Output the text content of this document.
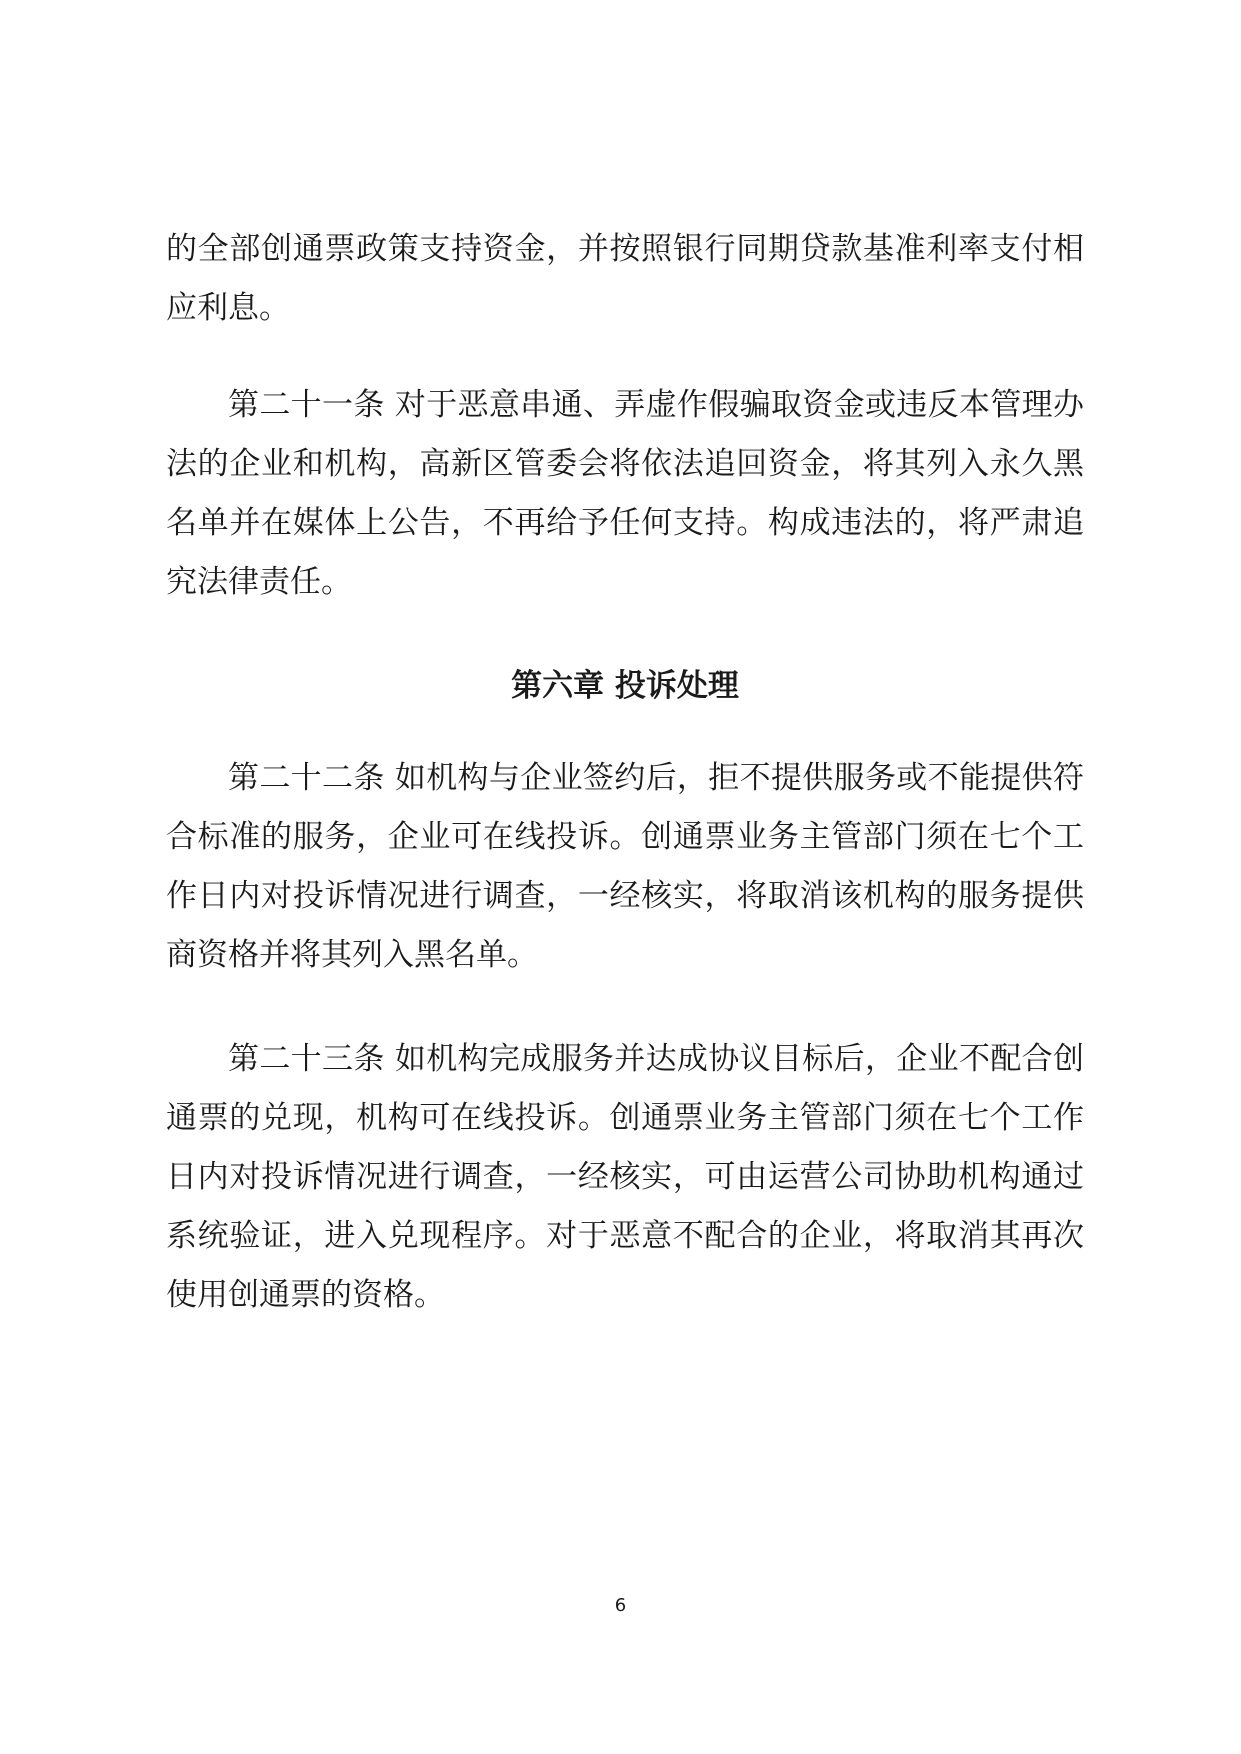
的全部创通票政策支持资金，并按照银行同期贷款基准利率支付相应利息。

第二十一条 对于恶意串通、弄虚作假骗取资金或违反本管理办法的企业和机构，高新区管委会将依法追回资金，将其列入永久黑名单并在媒体上公告，不再给予任何支持。构成违法的，将严肃追究法律责任。

第六章 投诉处理

第二十二条 如机构与企业签约后，拒不提供服务或不能提供符合标准的服务，企业可在线投诉。创通票业务主管部门须在七个工作日内对投诉情况进行调查，一经核实，将取消该机构的服务提供商资格并将其列入黑名单。

第二十三条 如机构完成服务并达成协议目标后，企业不配合创通票的兑现，机构可在线投诉。创通票业务主管部门须在七个工作日内对投诉情况进行调查，一经核实，可由运营公司协助机构通过系统验证，进入兑现程序。对于恶意不配合的企业，将取消其再次使用创通票的资格。

6
